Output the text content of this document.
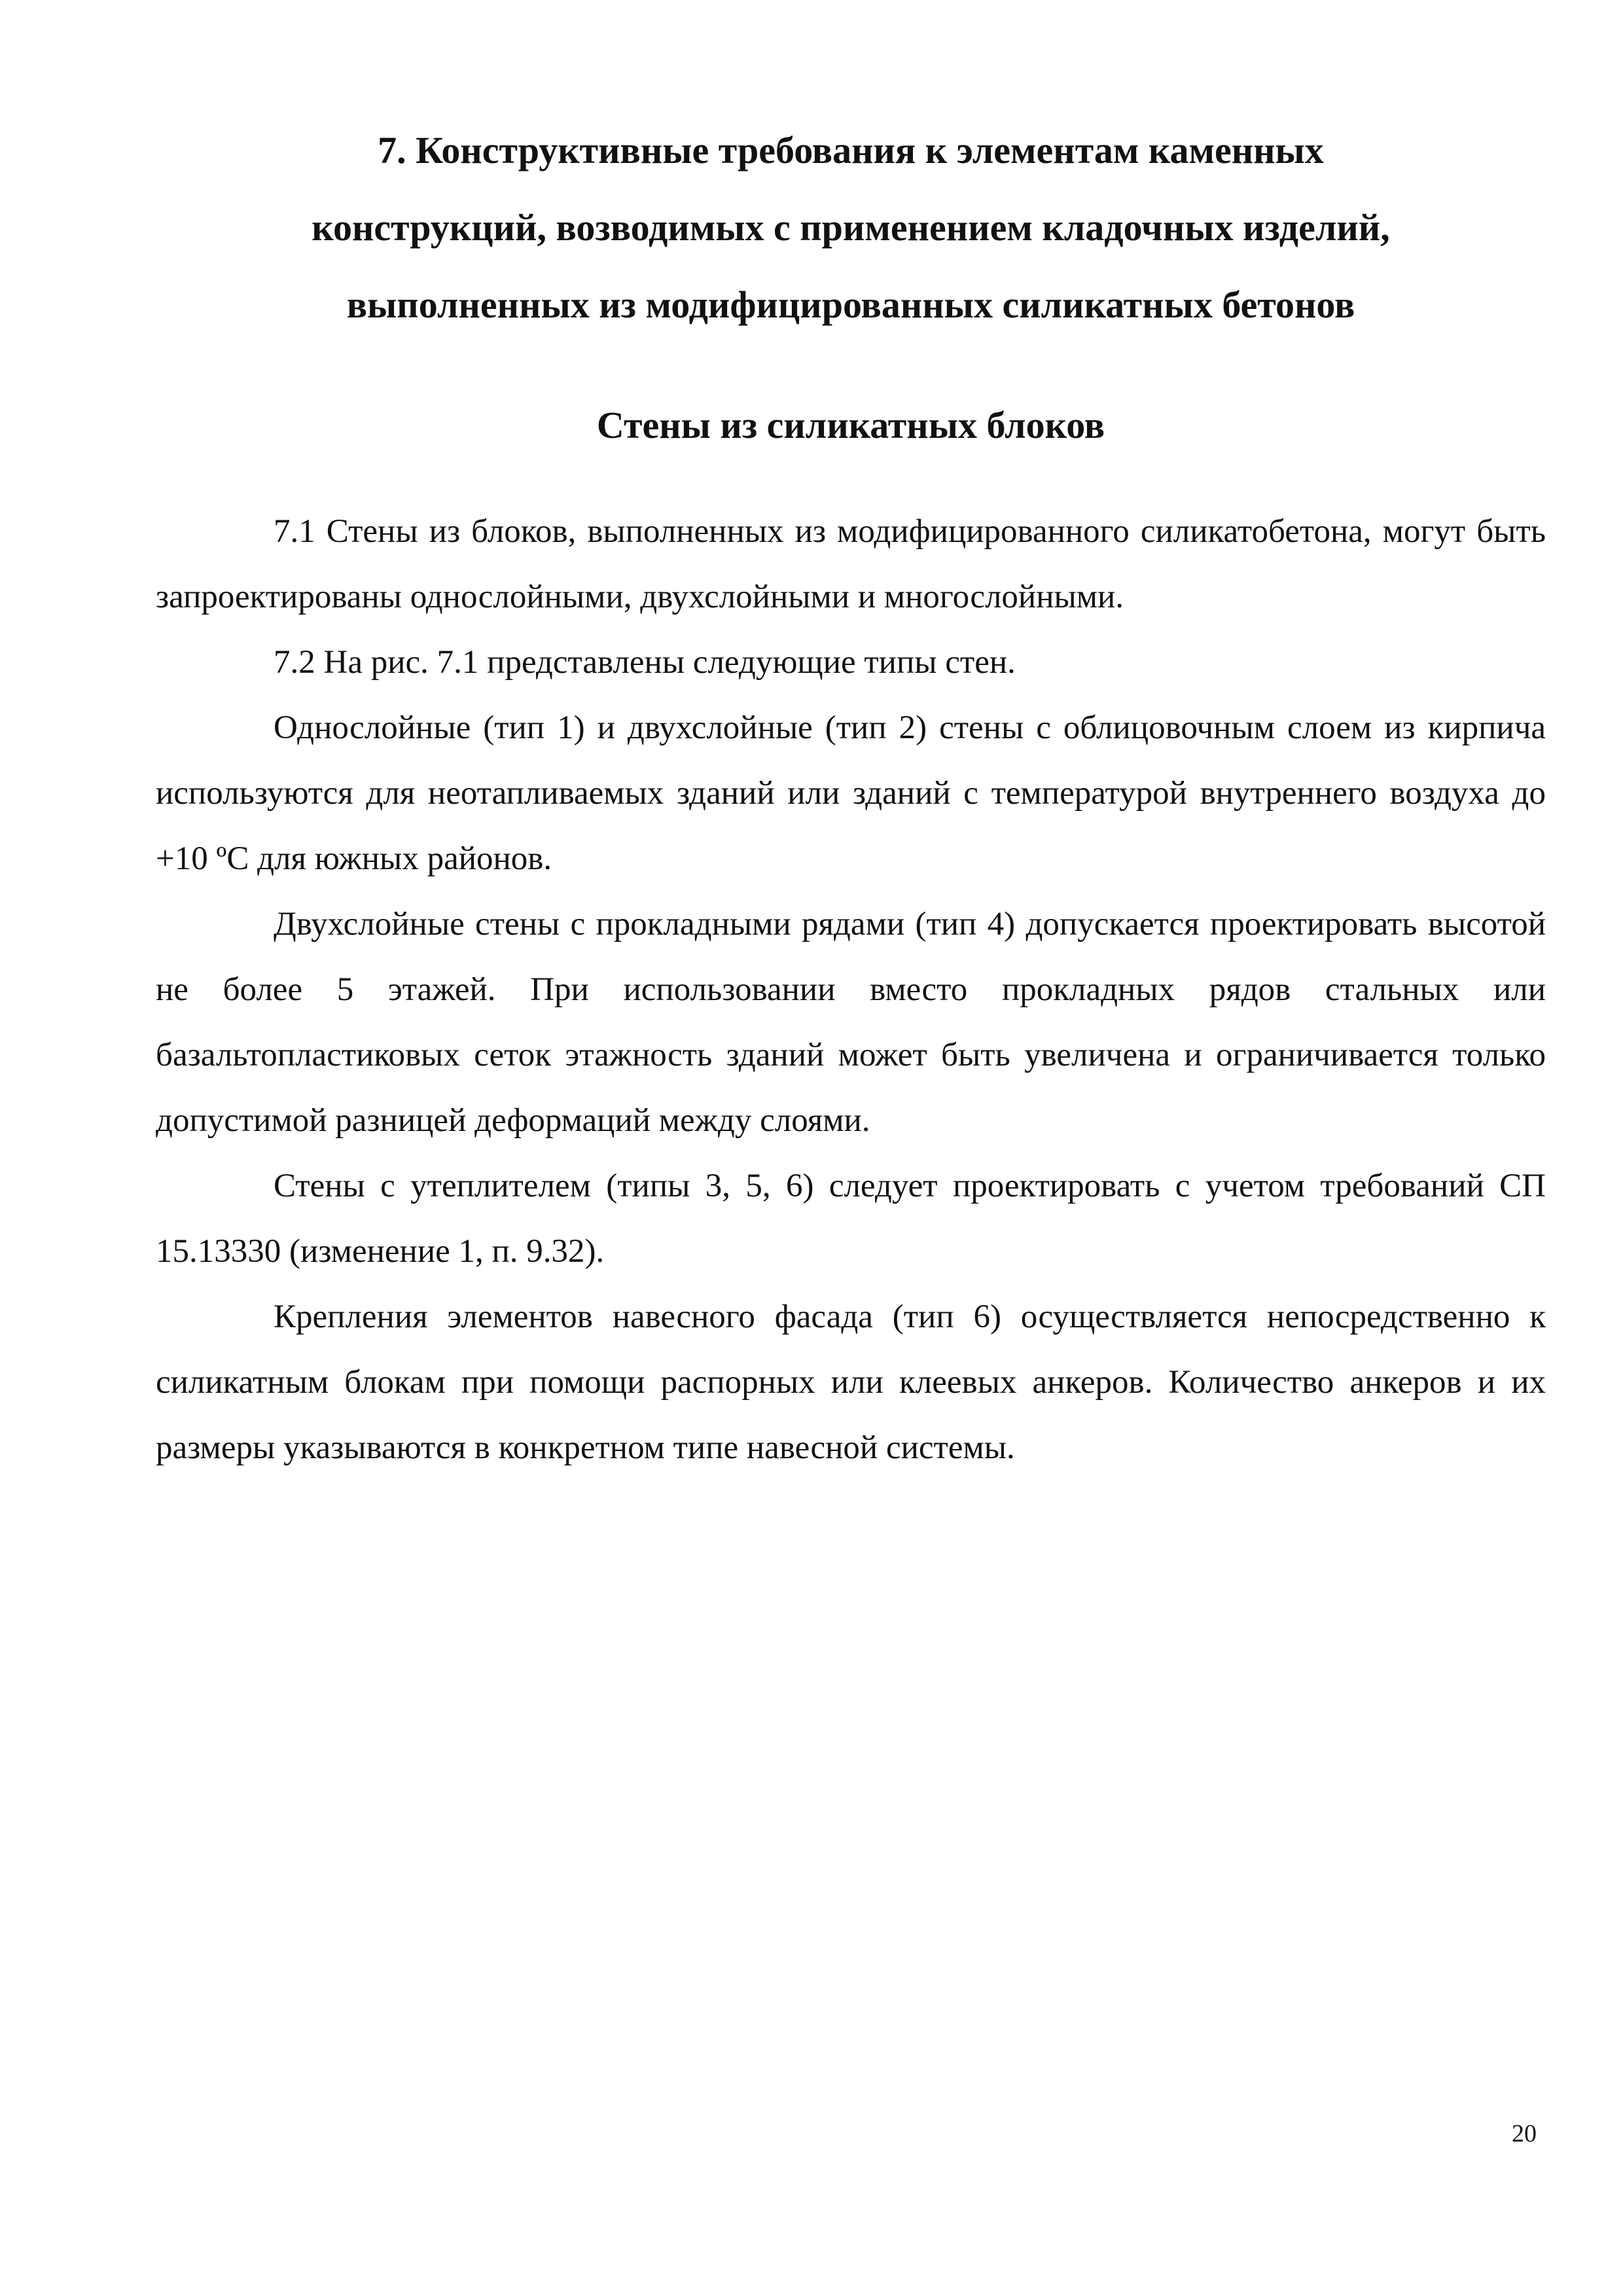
7. Конструктивные требования к элементам каменных
конструкций, возводимых с применением кладочных изделий,
выполненных из модифицированных силикатных бетонов
Стены из силикатных блоков

7.1 Стены из блоков, выполненных из модифицированного силикатобетона, могут быть запроектированы однослойными, двухслойными и многослойными.

7.2 На рис. 7.1 представлены следующие типы стен.

Однослойные (тип 1) и двухслойные (тип 2) стены с облицовочным слоем из кирпича используются для неотапливаемых зданий или зданий с температурой внутреннего воздуха до +10 ºС для южных районов.

Двухслойные стены с прокладными рядами (тип 4) допускается проектировать высотой не более 5 этажей. При использовании вместо прокладных рядов стальных или базальтопластиковых сеток этажность зданий может быть увеличена и ограничивается только допустимой разницей деформаций между слоями.

Стены с утеплителем (типы 3, 5, 6) следует проектировать с учетом требований СП 15.13330 (изменение 1, п. 9.32).

Крепления элементов навесного фасада (тип 6) осуществляется непосредственно к силикатным блокам при помощи распорных или клеевых анкеров. Количество анкеров и их размеры указываются в конкретном типе навесной системы.

20
